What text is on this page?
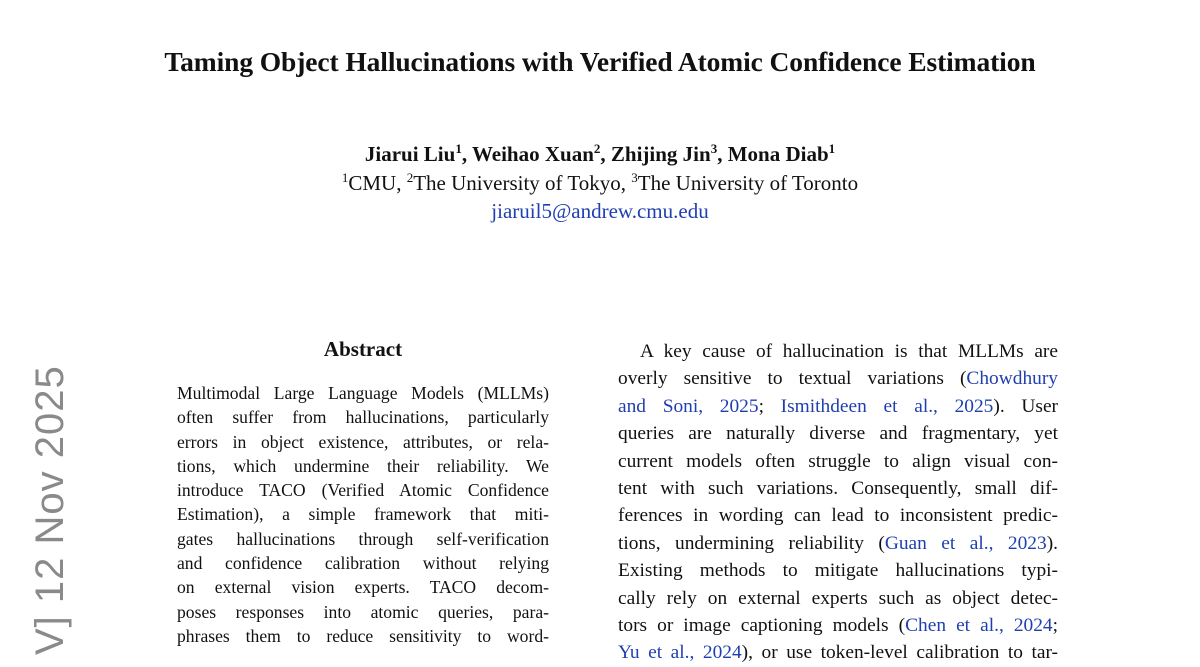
Taming Object Hallucinations with Verified Atomic Confidence Estimation
Jiarui Liu$^1$, Weihao Xuan$^2$, Zhijing Jin$^3$, Mona Diab$^1$
$^1$CMU, $^2$The University of Tokyo, $^3$The University of Toronto
jiaruil5@andrew.cmu.edu
V] 12 Nov 2025
Abstract
Multimodal Large Language Models (MLLMs)
often suffer from hallucinations, particularly
errors in object existence, attributes, or rela-
tions, which undermine their reliability. We
introduce TACO (Verified Atomic Confidence
Estimation), a simple framework that miti-
gates hallucinations through self-verification
and confidence calibration without relying
on external vision experts. TACO decom-
poses responses into atomic queries, para-
phrases them to reduce sensitivity to word-
A key cause of hallucination is that MLLMs are
overly sensitive to textual variations (Chowdhury
and Soni, 2025; Ismithdeen et al., 2025). User
queries are naturally diverse and fragmentary, yet
current models often struggle to align visual con-
tent with such variations. Consequently, small dif-
ferences in wording can lead to inconsistent predic-
tions, undermining reliability (Guan et al., 2023).
Existing methods to mitigate hallucinations typi-
cally rely on external experts such as object detec-
tors or image captioning models (Chen et al., 2024;
Yu et al., 2024), or use token-level calibration to tar-
